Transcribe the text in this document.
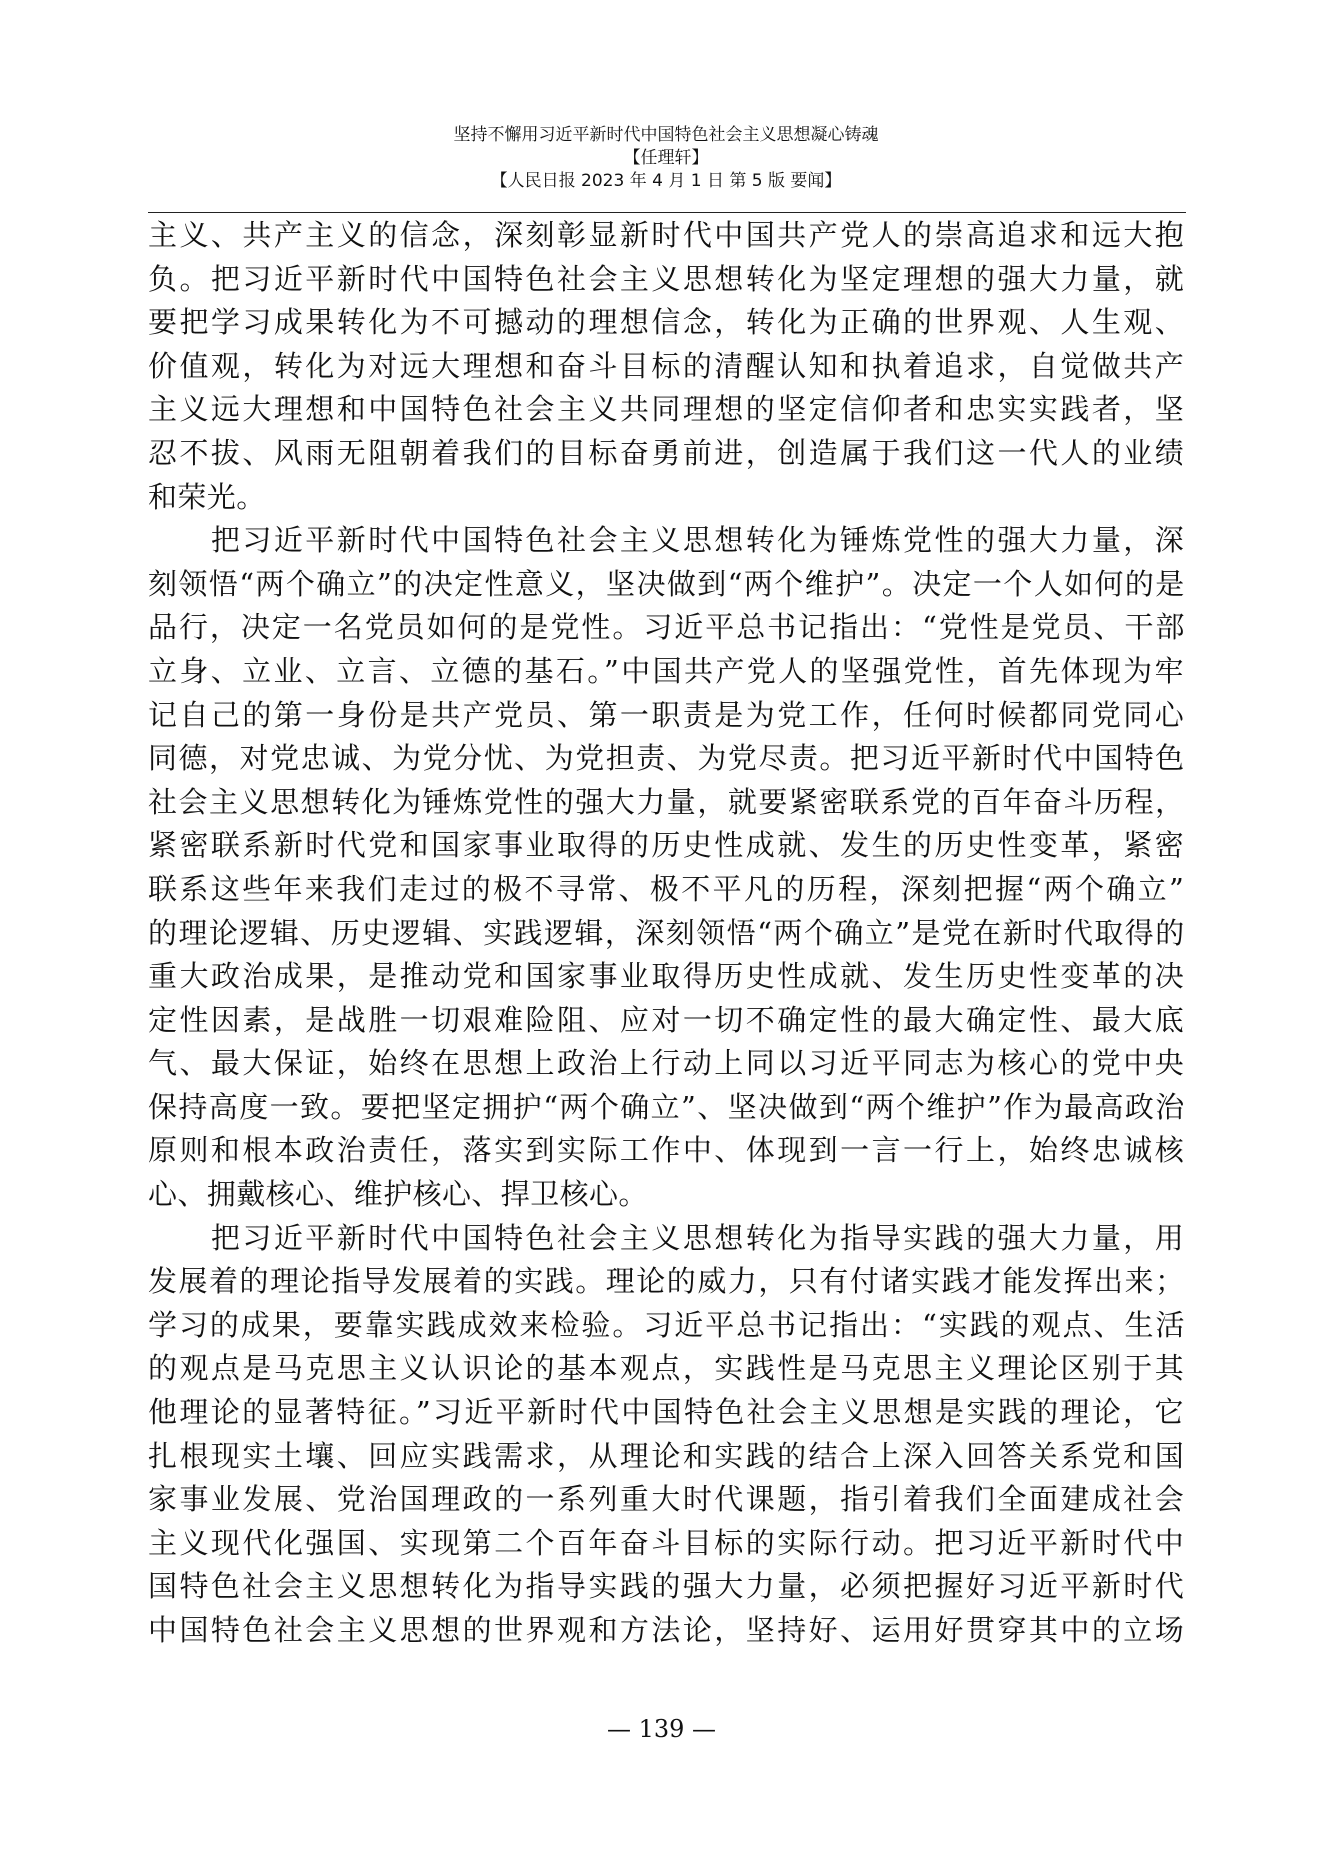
坚持不懈用习近平新时代中国特色社会主义思想凝心铸魂
【任理轩】
【人民日报 2023 年 4 月 1 日 第 5 版 要闻】
主义、共产主义的信念，深刻彰显新时代中国共产党人的崇高追求和远大抱
负。把习近平新时代中国特色社会主义思想转化为坚定理想的强大力量，就
要把学习成果转化为不可撼动的理想信念，转化为正确的世界观、人生观、
价值观，转化为对远大理想和奋斗目标的清醒认知和执着追求，自觉做共产
主义远大理想和中国特色社会主义共同理想的坚定信仰者和忠实实践者，坚
忍不拔、风雨无阻朝着我们的目标奋勇前进，创造属于我们这一代人的业绩
和荣光。
　　把习近平新时代中国特色社会主义思想转化为锤炼党性的强大力量，深
刻领悟“两个确立”的决定性意义，坚决做到“两个维护”。决定一个人如何的是
品行，决定一名党员如何的是党性。习近平总书记指出：“党性是党员、干部
立身、立业、立言、立德的基石。”中国共产党人的坚强党性，首先体现为牢
记自己的第一身份是共产党员、第一职责是为党工作，任何时候都同党同心
同德，对党忠诚、为党分忧、为党担责、为党尽责。把习近平新时代中国特色
社会主义思想转化为锤炼党性的强大力量，就要紧密联系党的百年奋斗历程，
紧密联系新时代党和国家事业取得的历史性成就、发生的历史性变革，紧密
联系这些年来我们走过的极不寻常、极不平凡的历程，深刻把握“两个确立”
的理论逻辑、历史逻辑、实践逻辑，深刻领悟“两个确立”是党在新时代取得的
重大政治成果，是推动党和国家事业取得历史性成就、发生历史性变革的决
定性因素，是战胜一切艰难险阻、应对一切不确定性的最大确定性、最大底
气、最大保证，始终在思想上政治上行动上同以习近平同志为核心的党中央
保持高度一致。要把坚定拥护“两个确立”、坚决做到“两个维护”作为最高政治
原则和根本政治责任，落实到实际工作中、体现到一言一行上，始终忠诚核
心、拥戴核心、维护核心、捍卫核心。
　　把习近平新时代中国特色社会主义思想转化为指导实践的强大力量，用
发展着的理论指导发展着的实践。理论的威力，只有付诸实践才能发挥出来；
学习的成果，要靠实践成效来检验。习近平总书记指出：“实践的观点、生活
的观点是马克思主义认识论的基本观点，实践性是马克思主义理论区别于其
他理论的显著特征。”习近平新时代中国特色社会主义思想是实践的理论，它
扎根现实土壤、回应实践需求，从理论和实践的结合上深入回答关系党和国
家事业发展、党治国理政的一系列重大时代课题，指引着我们全面建成社会
主义现代化强国、实现第二个百年奋斗目标的实际行动。把习近平新时代中
国特色社会主义思想转化为指导实践的强大力量，必须把握好习近平新时代
中国特色社会主义思想的世界观和方法论，坚持好、运用好贯穿其中的立场
— 139 —
